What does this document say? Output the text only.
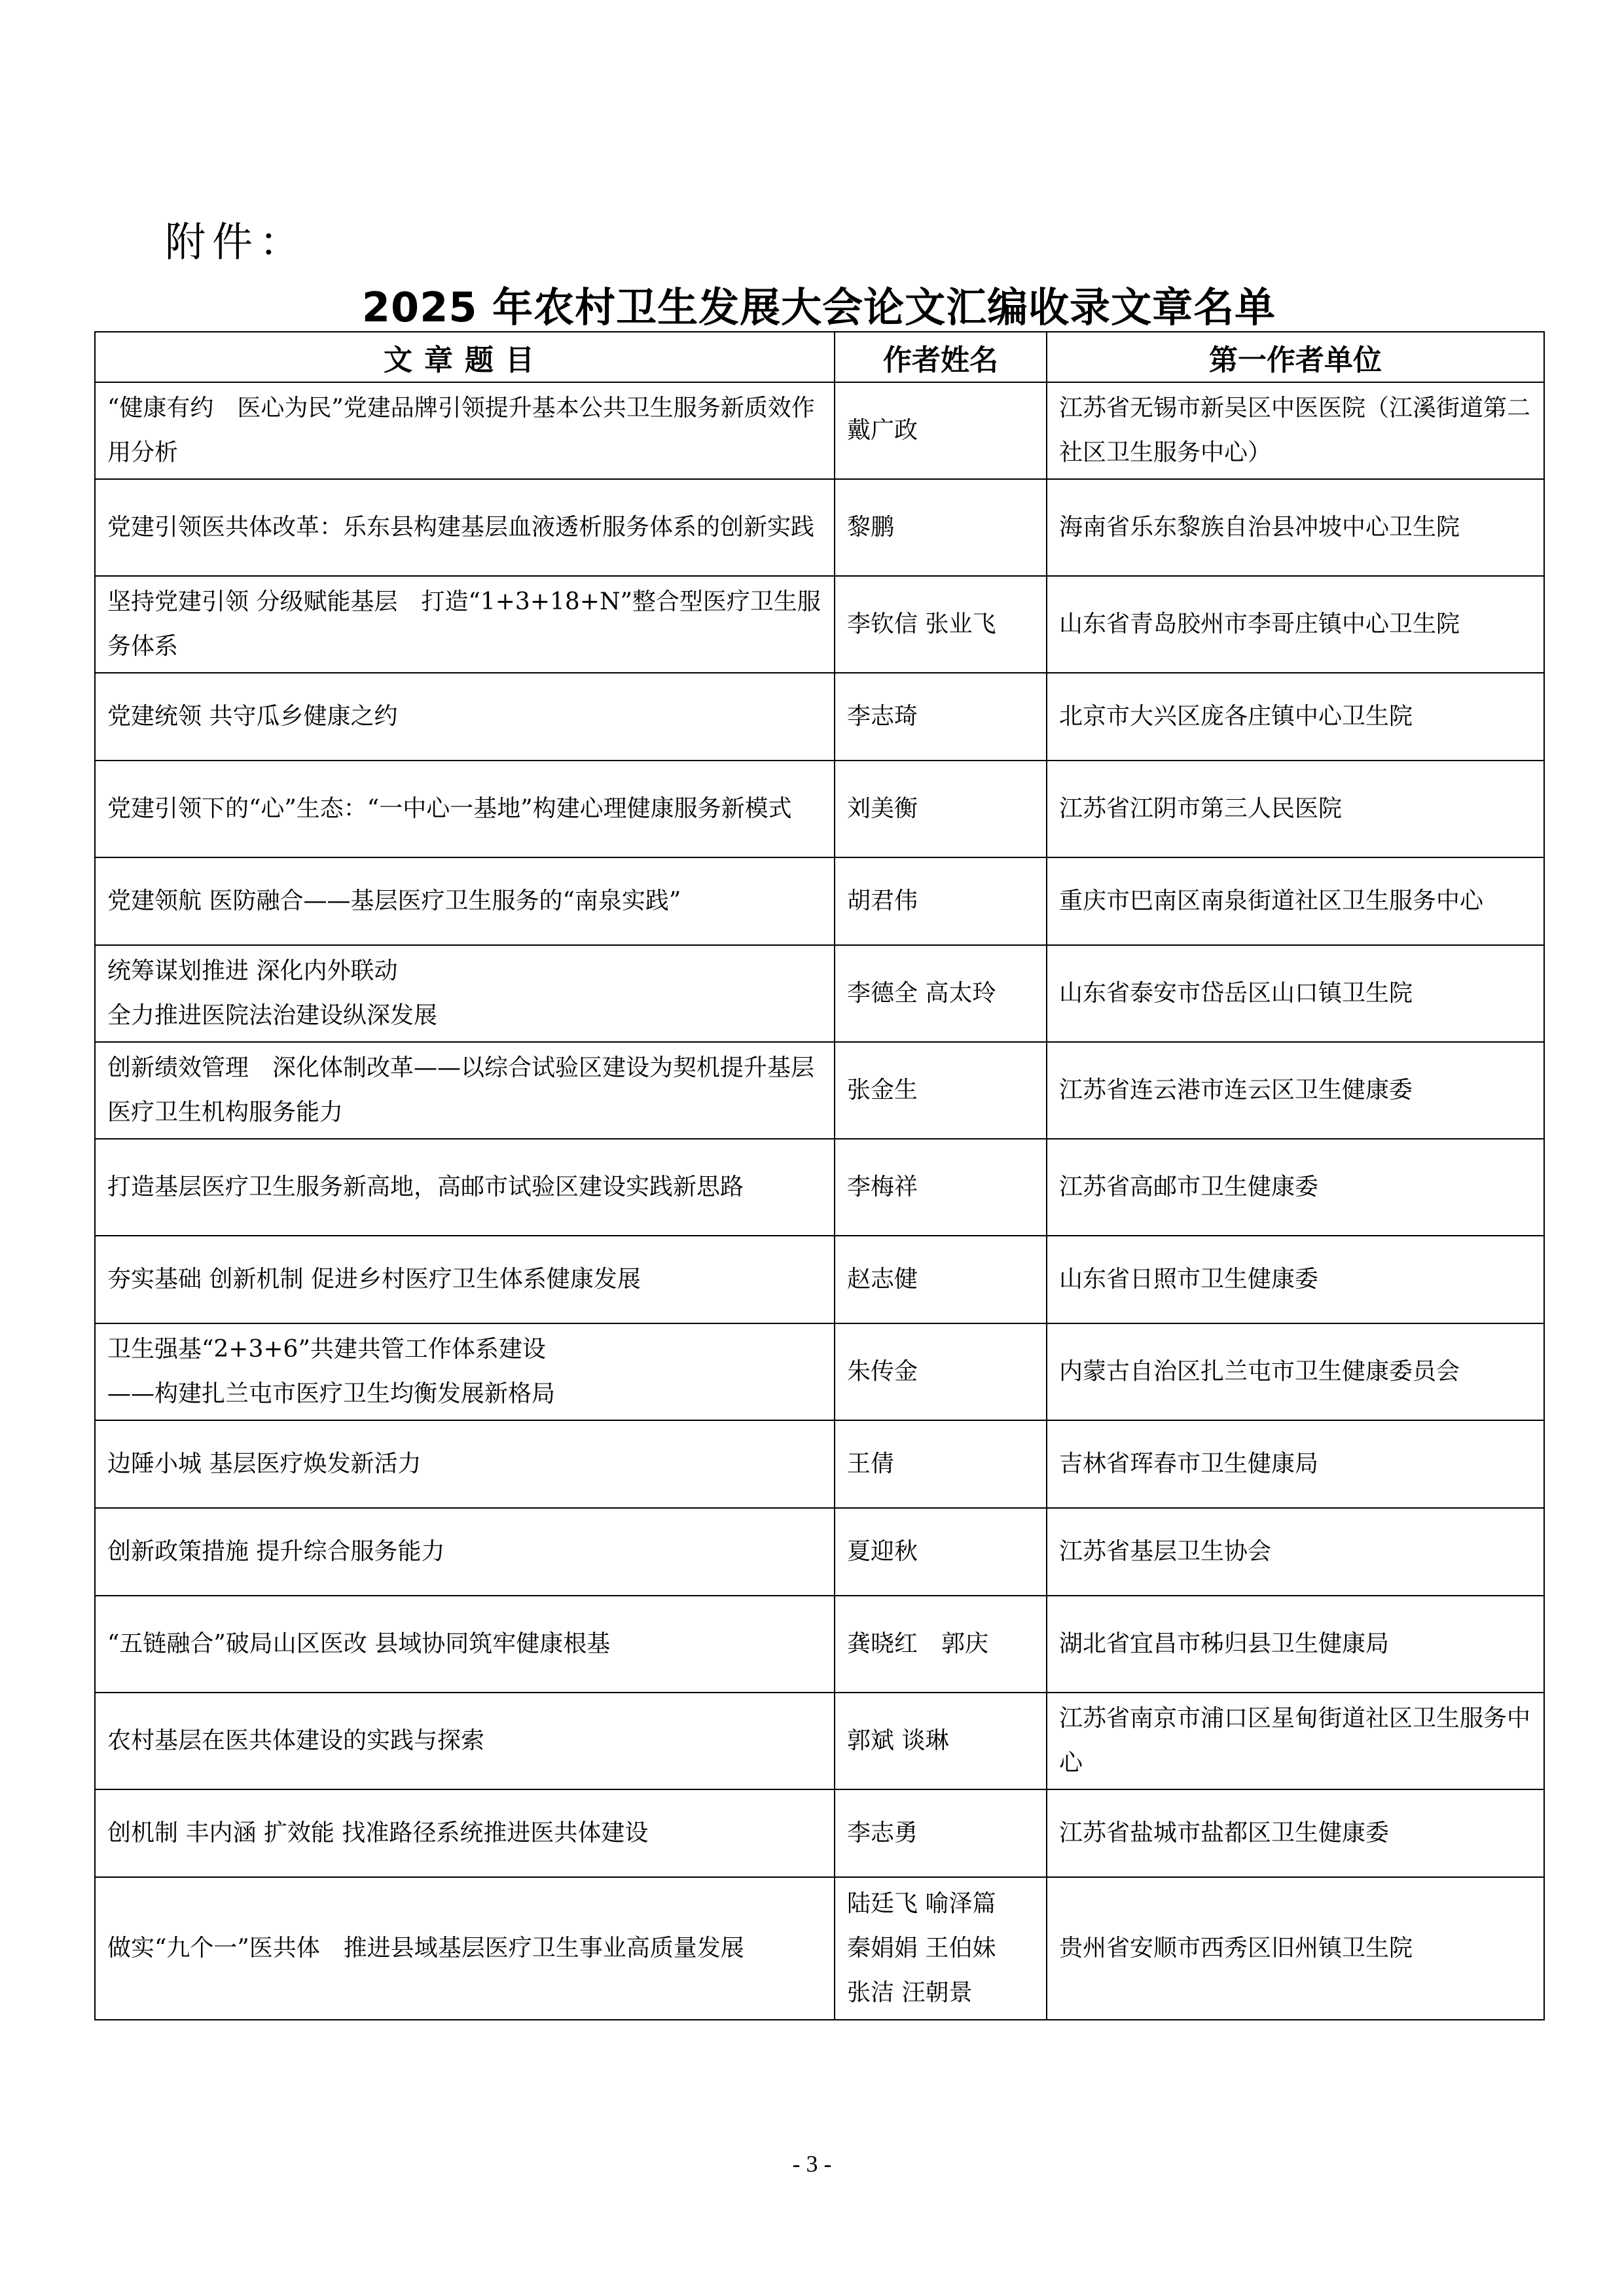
附件：
2025 年农村卫生发展大会论文汇编收录文章名单
文章题目	作者姓名	第一作者单位

“健康有约　医心为民”党建品牌引领提升基本公共卫生服务新质效作用分析	戴广政	江苏省无锡市新吴区中医医院（江溪街道第二社区卫生服务中心）

党建引领医共体改革：乐东县构建基层血液透析服务体系的创新实践	黎鹏	海南省乐东黎族自治县冲坡中心卫生院

坚持党建引领 分级赋能基层　打造“1+3+18+N”整合型医疗卫生服务体系	李钦信 张业飞	山东省青岛胶州市李哥庄镇中心卫生院

党建统领 共守瓜乡健康之约	李志琦	北京市大兴区庞各庄镇中心卫生院

党建引领下的“心”生态：“一中心一基地”构建心理健康服务新模式	刘美衡	江苏省江阴市第三人民医院

党建领航 医防融合——基层医疗卫生服务的“南泉实践”	胡君伟	重庆市巴南区南泉街道社区卫生服务中心

统筹谋划推进 深化内外联动
全力推进医院法治建设纵深发展	李德全 高太玲	山东省泰安市岱岳区山口镇卫生院

创新绩效管理　深化体制改革——以综合试验区建设为契机提升基层医疗卫生机构服务能力	张金生	江苏省连云港市连云区卫生健康委

打造基层医疗卫生服务新高地，高邮市试验区建设实践新思路	李梅祥	江苏省高邮市卫生健康委

夯实基础 创新机制 促进乡村医疗卫生体系健康发展	赵志健	山东省日照市卫生健康委

卫生强基“2+3+6”共建共管工作体系建设
——构建扎兰屯市医疗卫生均衡发展新格局	朱传金	内蒙古自治区扎兰屯市卫生健康委员会

边陲小城 基层医疗焕发新活力	王倩	吉林省珲春市卫生健康局

创新政策措施 提升综合服务能力	夏迎秋	江苏省基层卫生协会

“五链融合”破局山区医改 县域协同筑牢健康根基	龚晓红　郭庆	湖北省宜昌市秭归县卫生健康局

农村基层在医共体建设的实践与探索	郭斌 谈琳	江苏省南京市浦口区星甸街道社区卫生服务中心

创机制 丰内涵 扩效能 找准路径系统推进医共体建设	李志勇	江苏省盐城市盐都区卫生健康委

做实“九个一”医共体　推进县域基层医疗卫生事业高质量发展	陆廷飞 喻泽篇
秦娟娟 王伯妹
张洁 汪朝景	贵州省安顺市西秀区旧州镇卫生院
- 3 -
